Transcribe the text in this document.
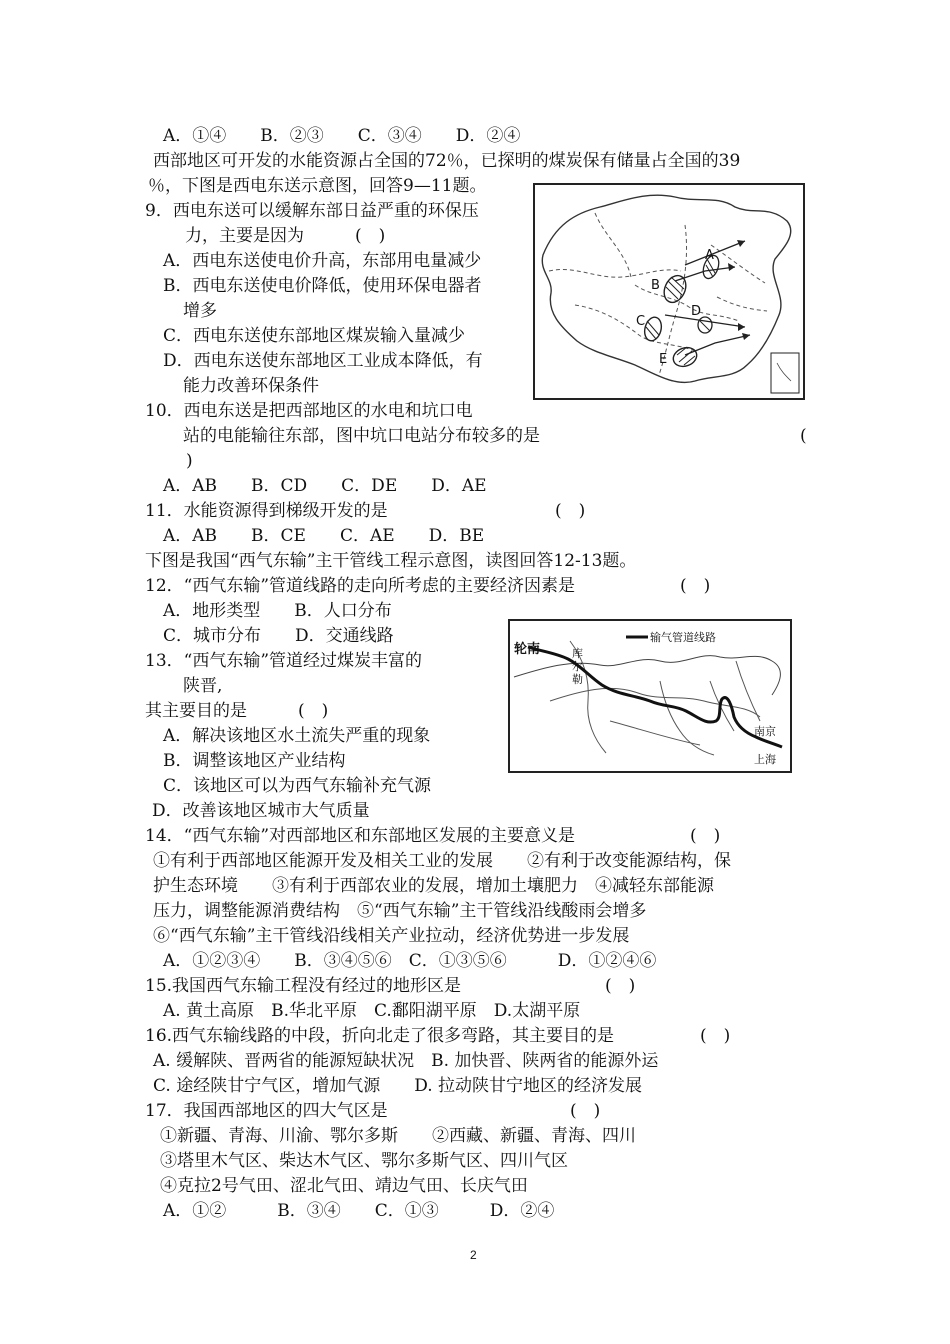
A．①④　　B．②③　　C．③④　　D．②④
西部地区可开发的水能资源占全国的72％，已探明的煤炭保有储量占全国的39
％，下图是西电东送示意图，回答9—11题。
9．西电东送可以缓解东部日益严重的环保压
力，主要是因为　　　(　)
A．西电东送使电价升高，东部用电量减少
B．西电东送使电价降低，使用环保电器者
增多
C．西电东送使东部地区煤炭输入量减少
D．西电东送使东部地区工业成本降低，有
能力改善环保条件
10．西电东送是把西部地区的水电和坑口电
站的电能输往东部，图中坑口电站分布较多的是	(
)
A．AB　　B．CD　　C．DE　　D．AE
11．水能资源得到梯级开发的是	(　)
A．AB　　B．CE　　C．AE　　D．BE
下图是我国“西气东输”主干管线工程示意图，读图回答12-13题。
12．“西气东输”管道线路的走向所考虑的主要经济因素是	(　)
A．地形类型　　B．人口分布
C．城市分布　　D．交通线路
13．“西气东输”管道经过煤炭丰富的
陕晋,
其主要目的是　　　(　)
A．解决该地区水土流失严重的现象
B．调整该地区产业结构
C．该地区可以为西气东输补充气源
D．改善该地区城市大气质量
14．“西气东输”对西部地区和东部地区发展的主要意义是	(　)
①有利于西部地区能源开发及相关工业的发展　　②有利于改变能源结构，保
护生态环境　　③有利于西部农业的发展，增加土壤肥力　④减轻东部能源
压力，调整能源消费结构　⑤“西气东输”主干管线沿线酸雨会增多
⑥“西气东输”主干管线沿线相关产业拉动，经济优势进一步发展
A．①②③④　　B．③④⑤⑥　C．①③⑤⑥　　　D．①②④⑥
15.我国西气东输工程没有经过的地形区是	(　)
A. 黄土高原　B.华北平原　C.鄱阳湖平原　D.太湖平原
16.西气东输线路的中段，折向北走了很多弯路，其主要目的是	(　)
A. 缓解陕、晋两省的能源短缺状况　B. 加快晋、陕两省的能源外运
C. 途经陕甘宁气区，增加气源　　D. 拉动陕甘宁地区的经济发展
17．我国西部地区的四大气区是	(　)
①新疆、青海、川渝、鄂尔多斯　　②西藏、新疆、青海、四川
③塔里木气区、柴达木气区、鄂尔多斯气区、四川气区
④克拉2号气田、涩北气田、靖边气田、长庆气田
A．①②　　　B．③④　　C．①③　　　D．②④
A
B
C
D
E
输气管道线路
轮南	库
尔
勒
南京
上海
2
